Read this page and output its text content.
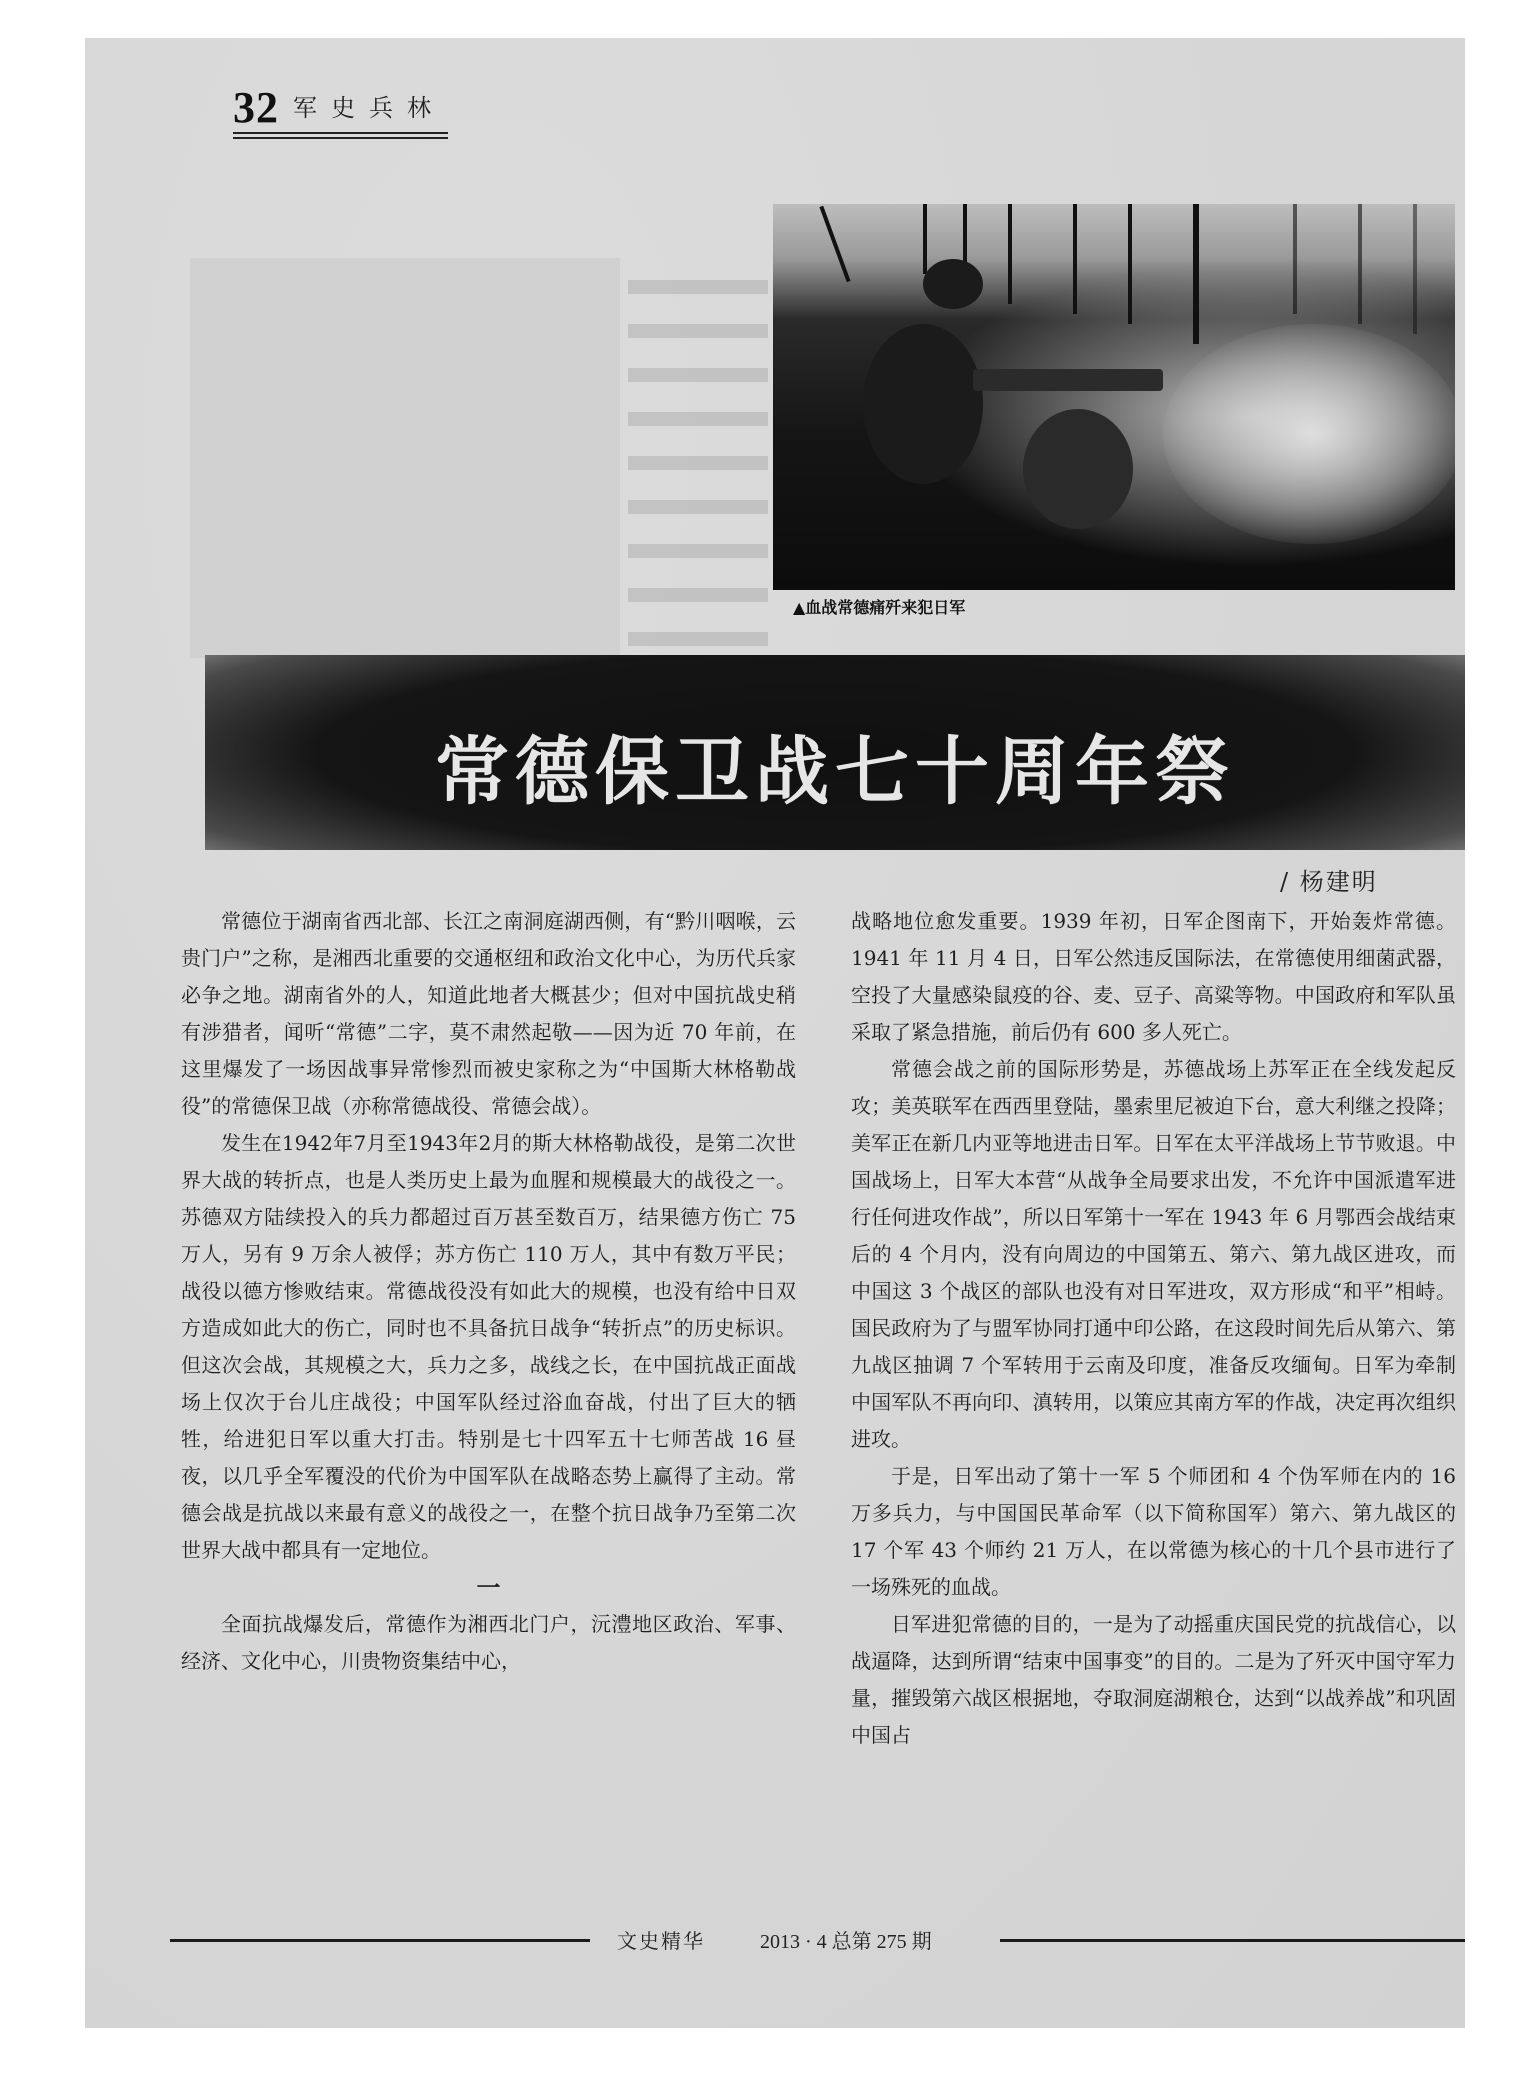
32 军史兵林
▲血战常德痛歼来犯日军
常德保卫战七十周年祭
/ 杨建明

常德位于湖南省西北部、长江之南洞庭湖西侧，有“黔川咽喉，云贵门户”之称，是湘西北重要的交通枢纽和政治文化中心，为历代兵家必争之地。湖南省外的人，知道此地者大概甚少；但对中国抗战史稍有涉猎者，闻听“常德”二字，莫不肃然起敬——因为近 70 年前，在这里爆发了一场因战事异常惨烈而被史家称之为“中国斯大林格勒战役”的常德保卫战（亦称常德战役、常德会战）。

发生在1942年7月至1943年2月的斯大林格勒战役，是第二次世界大战的转折点，也是人类历史上最为血腥和规模最大的战役之一。苏德双方陆续投入的兵力都超过百万甚至数百万，结果德方伤亡 75 万人，另有 9 万余人被俘；苏方伤亡 110 万人，其中有数万平民；战役以德方惨败结束。常德战役没有如此大的规模，也没有给中日双方造成如此大的伤亡，同时也不具备抗日战争“转折点”的历史标识。但这次会战，其规模之大，兵力之多，战线之长，在中国抗战正面战场上仅次于台儿庄战役；中国军队经过浴血奋战，付出了巨大的牺牲，给进犯日军以重大打击。特别是七十四军五十七师苦战 16 昼夜，以几乎全军覆没的代价为中国军队在战略态势上赢得了主动。常德会战是抗战以来最有意义的战役之一，在整个抗日战争乃至第二次世界大战中都具有一定地位。

一

全面抗战爆发后，常德作为湘西北门户，沅澧地区政治、军事、经济、文化中心，川贵物资集结中心，

战略地位愈发重要。1939 年初，日军企图南下，开始轰炸常德。1941 年 11 月 4 日，日军公然违反国际法，在常德使用细菌武器，空投了大量感染鼠疫的谷、麦、豆子、高粱等物。中国政府和军队虽采取了紧急措施，前后仍有 600 多人死亡。

常德会战之前的国际形势是，苏德战场上苏军正在全线发起反攻；美英联军在西西里登陆，墨索里尼被迫下台，意大利继之投降；美军正在新几内亚等地进击日军。日军在太平洋战场上节节败退。中国战场上，日军大本营“从战争全局要求出发，不允许中国派遣军进行任何进攻作战”，所以日军第十一军在 1943 年 6 月鄂西会战结束后的 4 个月内，没有向周边的中国第五、第六、第九战区进攻，而中国这 3 个战区的部队也没有对日军进攻，双方形成“和平”相峙。国民政府为了与盟军协同打通中印公路，在这段时间先后从第六、第九战区抽调 7 个军转用于云南及印度，准备反攻缅甸。日军为牵制中国军队不再向印、滇转用，以策应其南方军的作战，决定再次组织进攻。

于是，日军出动了第十一军 5 个师团和 4 个伪军师在内的 16 万多兵力，与中国国民革命军（以下简称国军）第六、第九战区的 17 个军 43 个师约 21 万人，在以常德为核心的十几个县市进行了一场殊死的血战。

日军进犯常德的目的，一是为了动摇重庆国民党的抗战信心，以战逼降，达到所谓“结束中国事变”的目的。二是为了歼灭中国守军力量，摧毁第六战区根据地，夺取洞庭湖粮仓，达到“以战养战”和巩固中国占

文史精华	2013 · 4 总第 275 期
